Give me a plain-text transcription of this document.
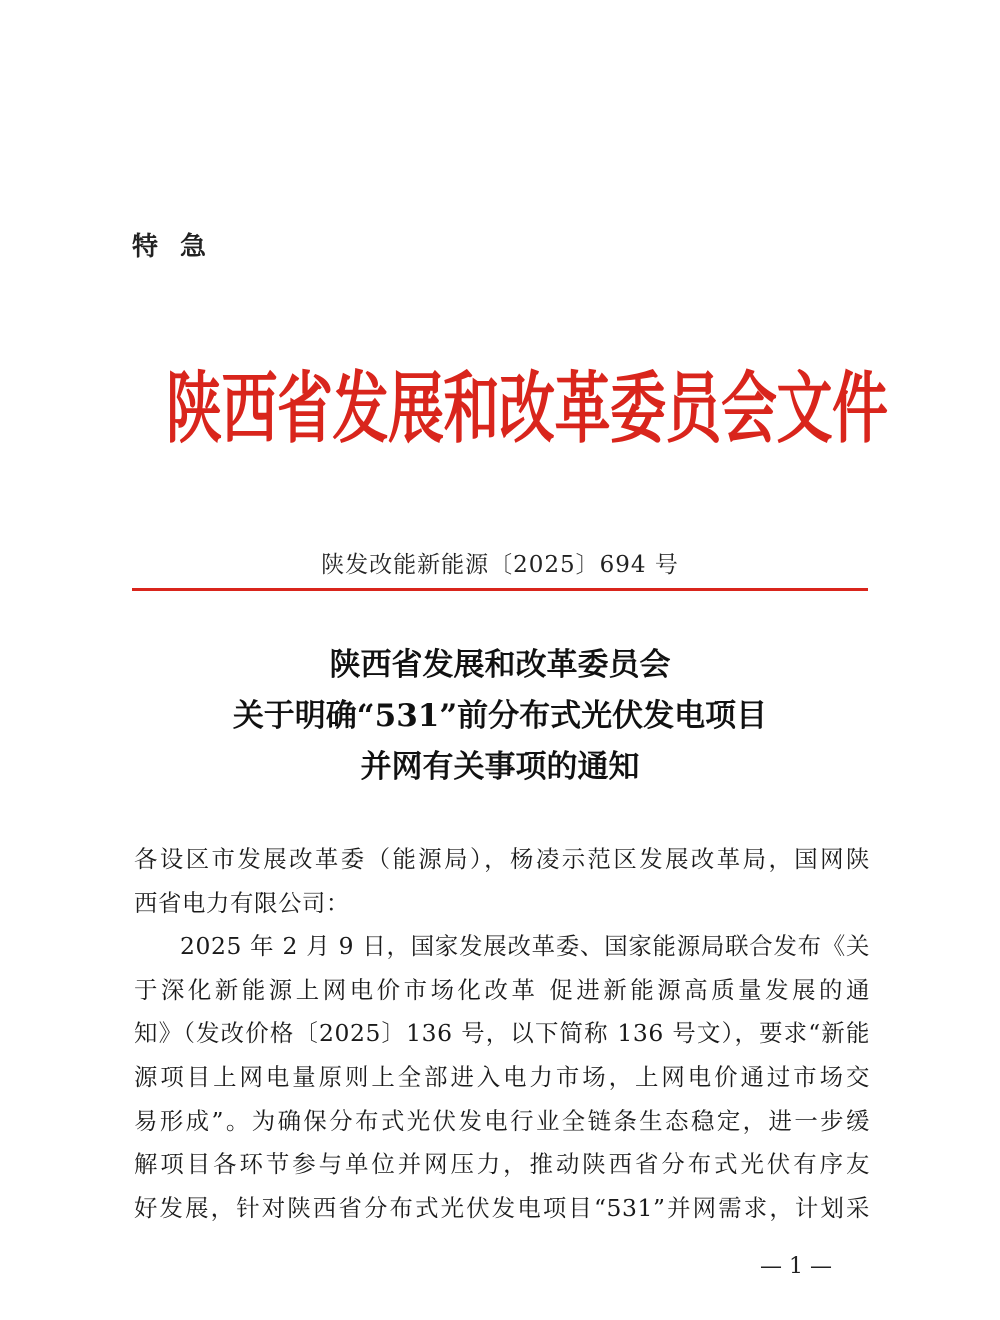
特急
陕西省发展和改革委员会文件
陕发改能新能源〔2025〕694 号
陕西省发展和改革委员会
关于明确“531”前分布式光伏发电项目
并网有关事项的通知
各设区市发展改革委（能源局），杨凌示范区发展改革局，国网陕
西省电力有限公司：
2025 年 2 月 9 日，国家发展改革委、国家能源局联合发布《关
于深化新能源上网电价市场化改革 促进新能源高质量发展的通
知》（发改价格〔2025〕136 号，以下简称 136 号文），要求“新能
源项目上网电量原则上全部进入电力市场，上网电价通过市场交
易形成”。为确保分布式光伏发电行业全链条生态稳定，进一步缓
解项目各环节参与单位并网压力，推动陕西省分布式光伏有序友
好发展，针对陕西省分布式光伏发电项目“531”并网需求，计划采
— 1 —
